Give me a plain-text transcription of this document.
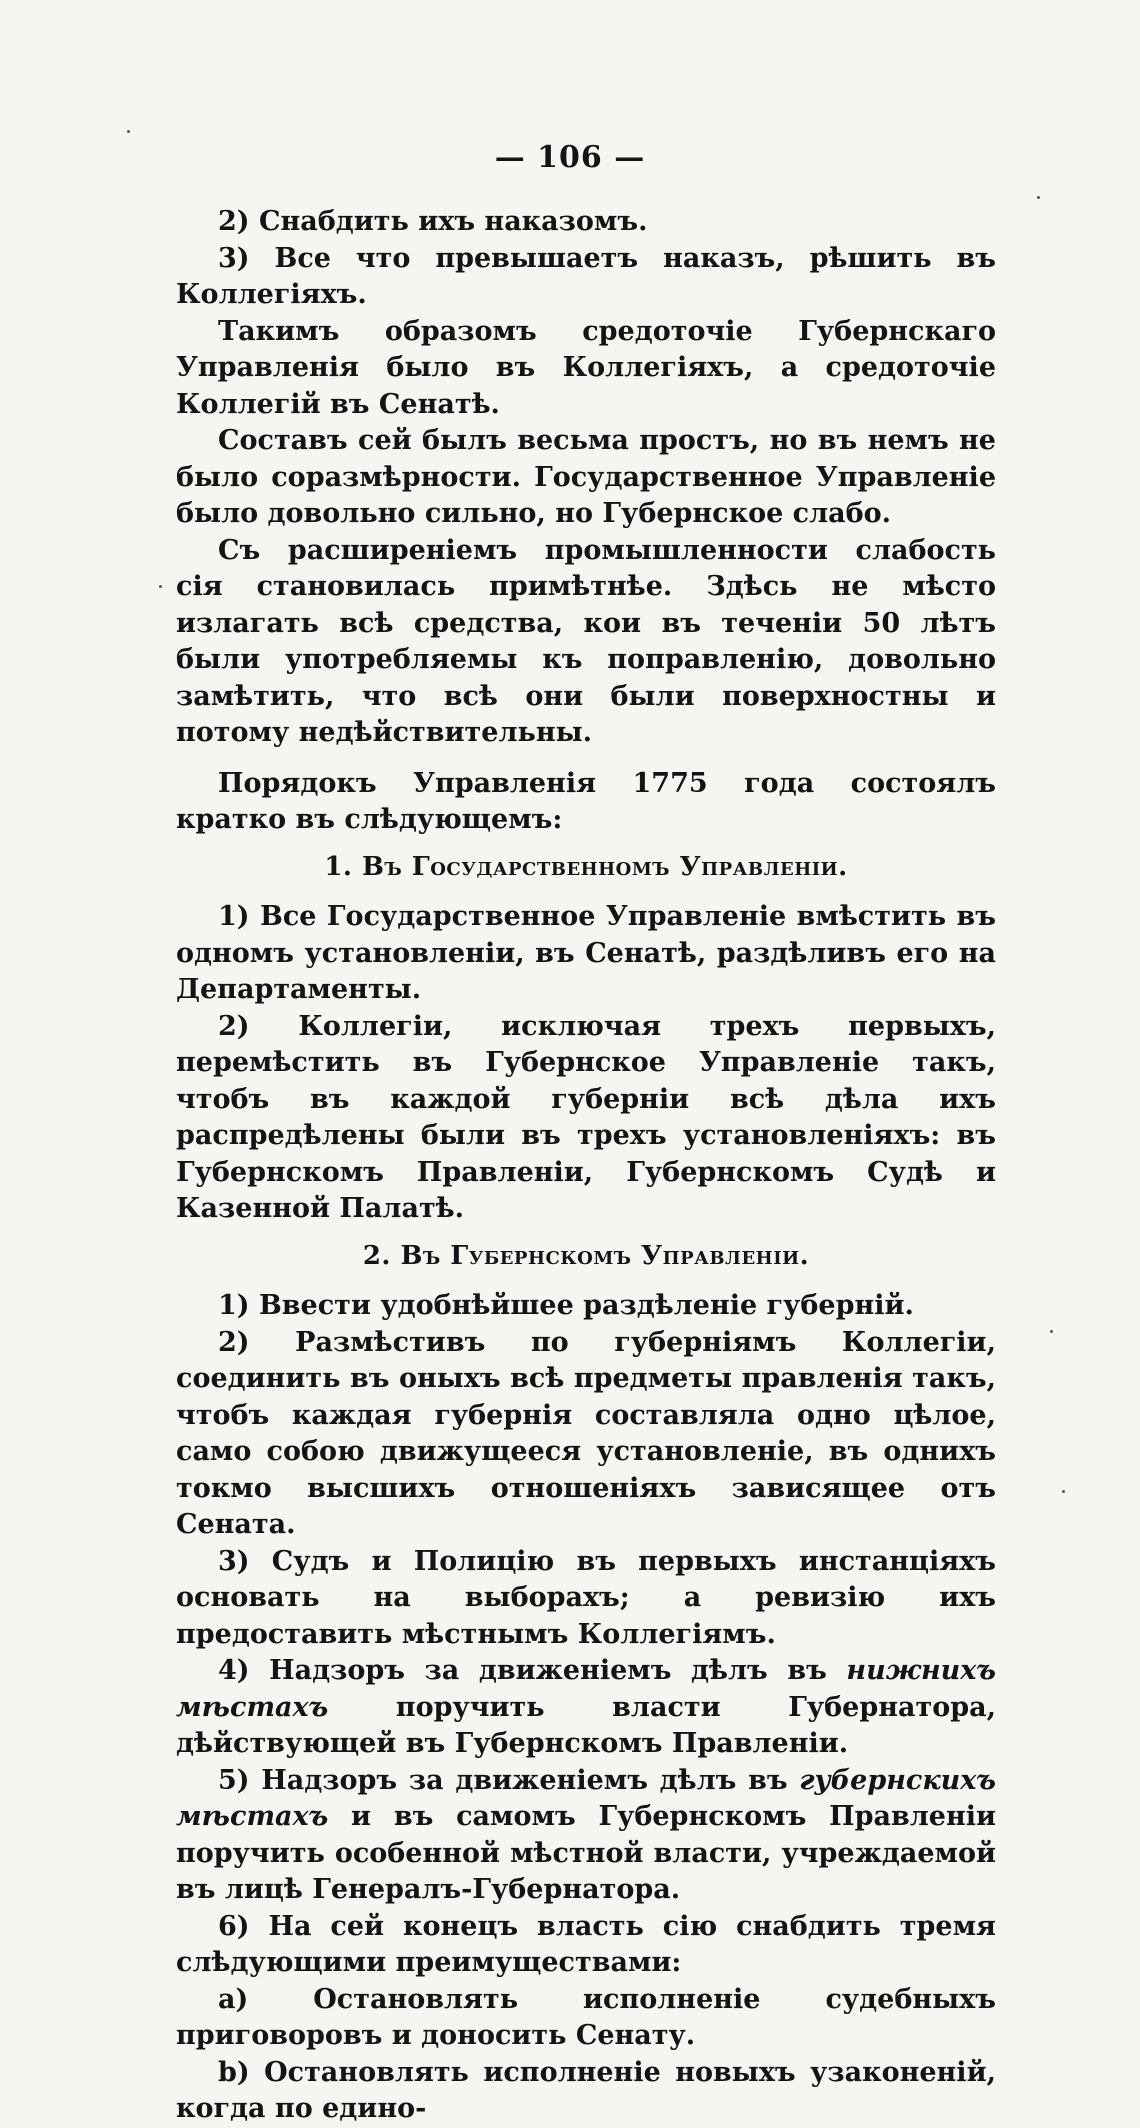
— 106 —

2) Снабдить ихъ наказомъ.

3) Все что превышаетъ наказъ, рѣшить въ Коллегiяхъ.

Такимъ образомъ средоточiе Губернскаго Управленiя было въ Коллегiяхъ, а средоточiе Коллегiй въ Сенатѣ.

Составъ сей былъ весьма простъ, но въ немъ не было соразмѣрности. Государственное Управленiе было довольно сильно, но Губернское слабо.

Съ расширенiемъ промышленности слабость сiя становилась примѣтнѣе. Здѣсь не мѣсто излагать всѣ средства, кои въ теченiи 50 лѣтъ были употребляемы къ поправленiю, довольно замѣтить, что всѣ они были поверхностны и потому недѣйствительны.

Порядокъ Управленiя 1775 года состоялъ кратко въ слѣдующемъ:

1. Въ Государственномъ Управленiи.

1) Все Государственное Управленiе вмѣстить въ одномъ установленiи, въ Сенатѣ, раздѣливъ его на Департаменты.

2) Коллегiи, исключая трехъ первыхъ, перемѣстить въ Губернское Управленiе такъ, чтобъ въ каждой губернiи всѣ дѣла ихъ распредѣлены были въ трехъ установленiяхъ: въ Губернскомъ Правленiи, Губернскомъ Судѣ и Казенной Палатѣ.

2. Въ Губернскомъ Управленiи.

1) Ввести удобнѣйшее раздѣленiе губернiй.

2) Размѣстивъ по губернiямъ Коллегiи, соединить въ оныхъ всѣ предметы правленiя такъ, чтобъ каждая губернiя составляла одно цѣлое, само собою движущееся установленiе, въ однихъ токмо высшихъ отношенiяхъ зависящее отъ Сената.

3) Судъ и Полицiю въ первыхъ инстанцiяхъ основать на выборахъ; а ревизiю ихъ предоставить мѣстнымъ Коллегiямъ.

4) Надзоръ за движенiемъ дѣлъ въ нижнихъ мѣстахъ поручить власти Губернатора, дѣйствующей въ Губернскомъ Правленiи.

5) Надзоръ за движенiемъ дѣлъ въ губернскихъ мѣстахъ и въ самомъ Губернскомъ Правленiи поручить особенной мѣстной власти, учреждаемой въ лицѣ Генералъ-Губернатора.

6) На сей конецъ власть сiю снабдить тремя слѣдующими преимуществами:

a) Остановлять исполненiе судебныхъ приговоровъ и доносить Сенату.

b) Остановлять исполненiе новыхъ узаконенiй, когда по едино-
